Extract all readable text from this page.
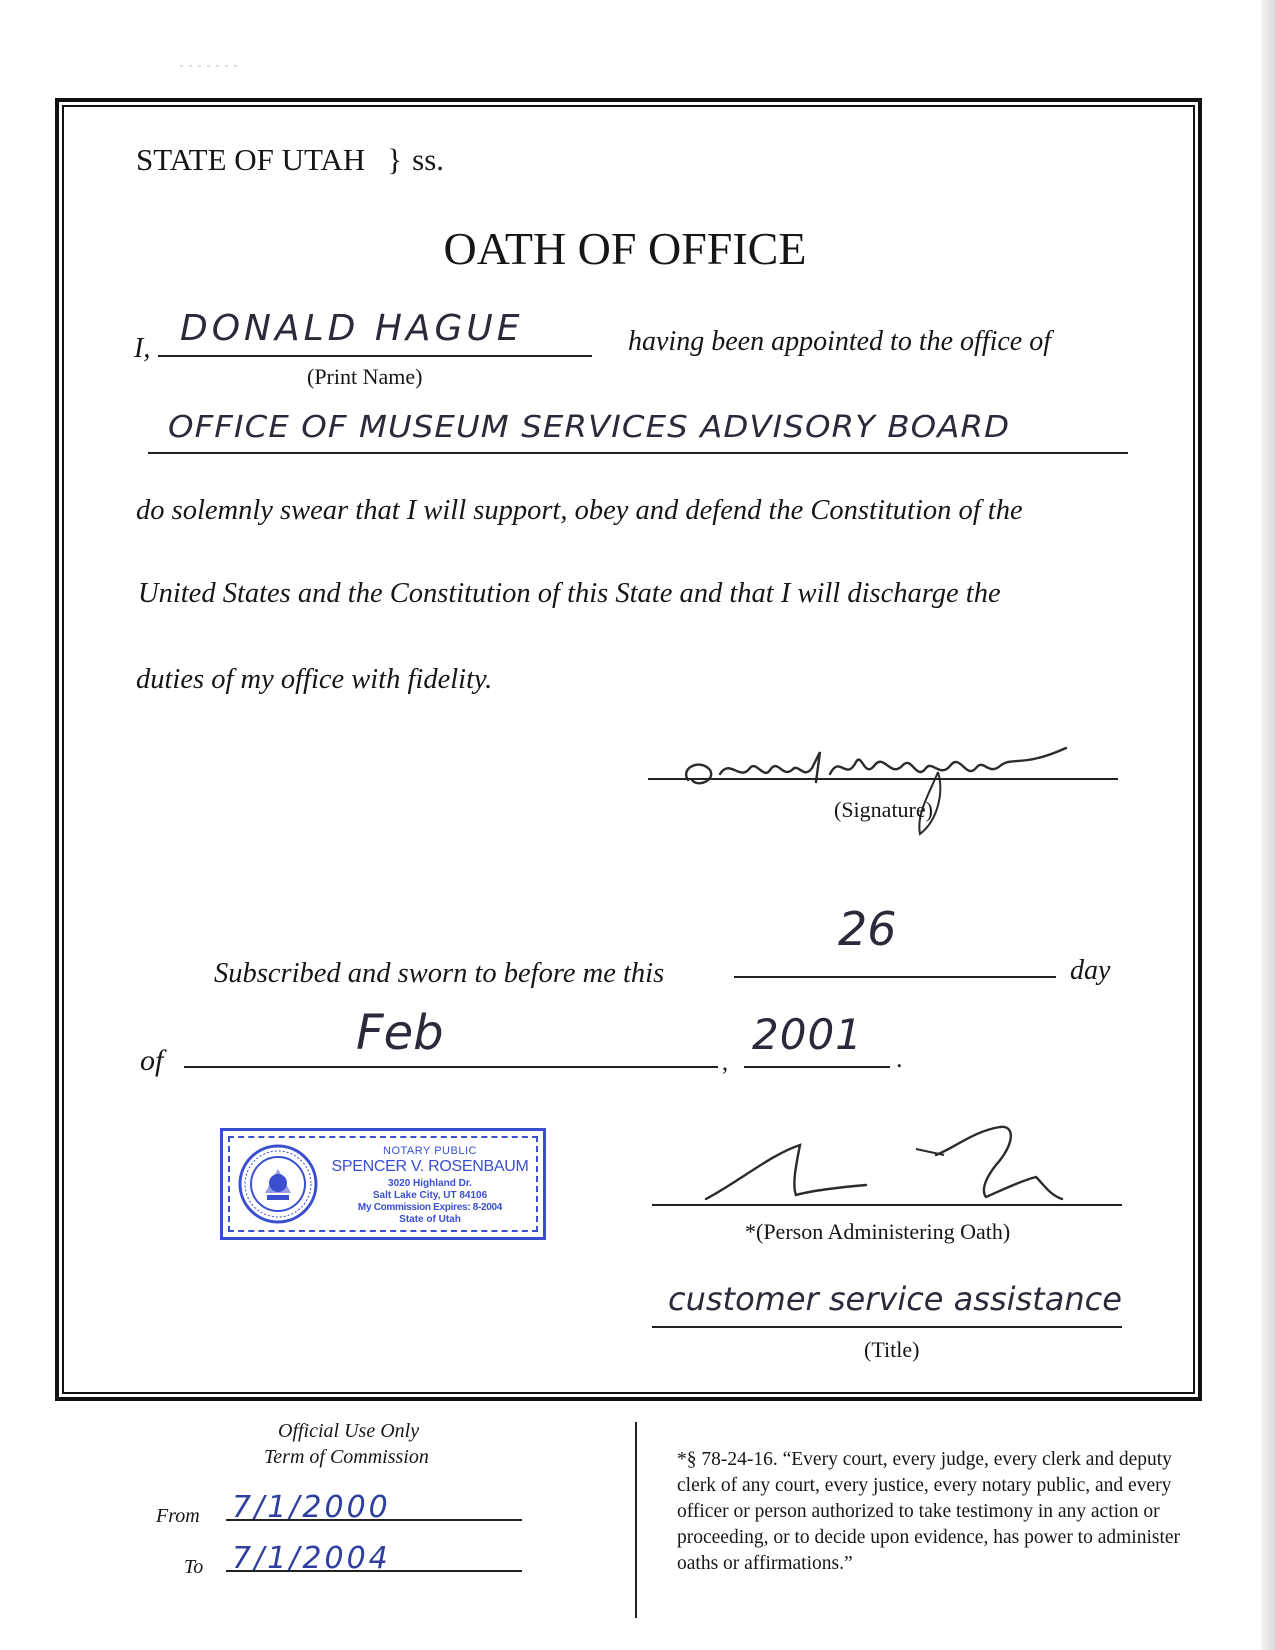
STATE OF UTAH } ss.
OATH OF OFFICE
I, DONALD HAGUE	having been appointed to the office of
(Print Name)
OFFICE OF MUSEUM SERVICES ADVISORY BOARD
do solemnly swear that I will support, obey and defend the Constitution of the
United States and the Constitution of this State and that I will discharge the
duties of my office with fidelity.
(Signature)
Subscribed and sworn to before me this
26
day
of	Feb
,
2001 .
NOTARY PUBLIC
SPENCER V. ROSENBAUM
3020 Highland Dr.
Salt Lake City, UT 84106
My Commission Expires: 8-2004
State of Utah	*(Person Administering Oath)
customer service assistance
(Title)
Official Use Only
Term of Commission
From 7/1/2000
To 7/1/2004
*§ 78-24-16. “Every court, every judge, every clerk and deputy clerk of any court, every justice, every notary public, and every officer or person authorized to take testimony in any action or proceeding, or to decide upon evidence, has power to administer oaths or affirmations.”
